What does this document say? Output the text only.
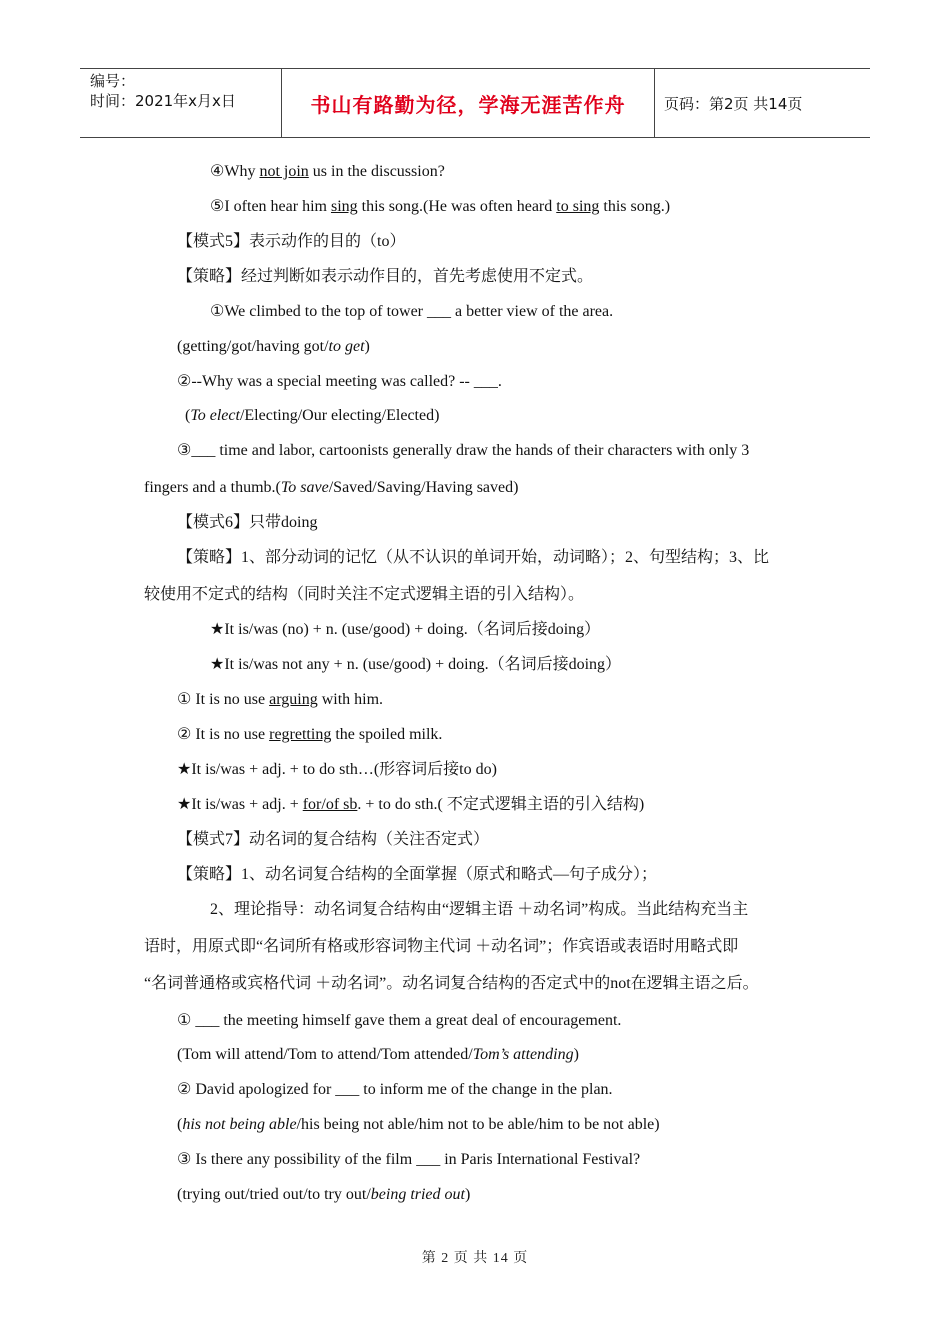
编号：
时间：2021年x月x日	书山有路勤为径，学海无涯苦作舟	页码：第2页 共14页
④Why not join us in the discussion?
⑤I often hear him sing this song.(He was often heard to sing this song.)
【模式5】表示动作的目的（to）
【策略】经过判断如表示动作目的，首先考虑使用不定式。
①We climbed to the top of tower ___ a better view of the area.
(getting/got/having got/to get)
②--Why was a special meeting was called? -- ___.
(To elect/Electing/Our electing/Elected)
③___ time and labor, cartoonists generally draw the hands of their characters with only 3
fingers and a thumb.(To save/Saved/Saving/Having saved)
【模式6】只带doing
【策略】1、部分动词的记忆（从不认识的单词开始，动词略）；2、句型结构；3、比
较使用不定式的结构（同时关注不定式逻辑主语的引入结构）。
★It is/was (no) + n. (use/good) + doing.（名词后接doing）
★It is/was not any + n. (use/good) + doing.（名词后接doing）
① It is no use arguing with him.
② It is no use regretting the spoiled milk.
★It is/was + adj. + to do sth…(形容词后接to do)
★It is/was + adj. + for/of sb. + to do sth.( 不定式逻辑主语的引入结构)
【模式7】动名词的复合结构（关注否定式）
【策略】1、动名词复合结构的全面掌握（原式和略式—句子成分）；
2、理论指导：动名词复合结构由“逻辑主语 ＋动名词”构成。当此结构充当主
语时，用原式即“名词所有格或形容词物主代词 ＋动名词”；作宾语或表语时用略式即
“名词普通格或宾格代词 ＋动名词”。动名词复合结构的否定式中的not在逻辑主语之后。
① ___ the meeting himself gave them a great deal of encouragement.
(Tom will attend/Tom to attend/Tom attended/Tom’s attending)
② David apologized for ___ to inform me of the change in the plan.
(his not being able/his being not able/him not to be able/him to be not able)
③ Is there any possibility of the film ___ in Paris International Festival?
(trying out/tried out/to try out/being tried out)
第 2 页 共 14 页
